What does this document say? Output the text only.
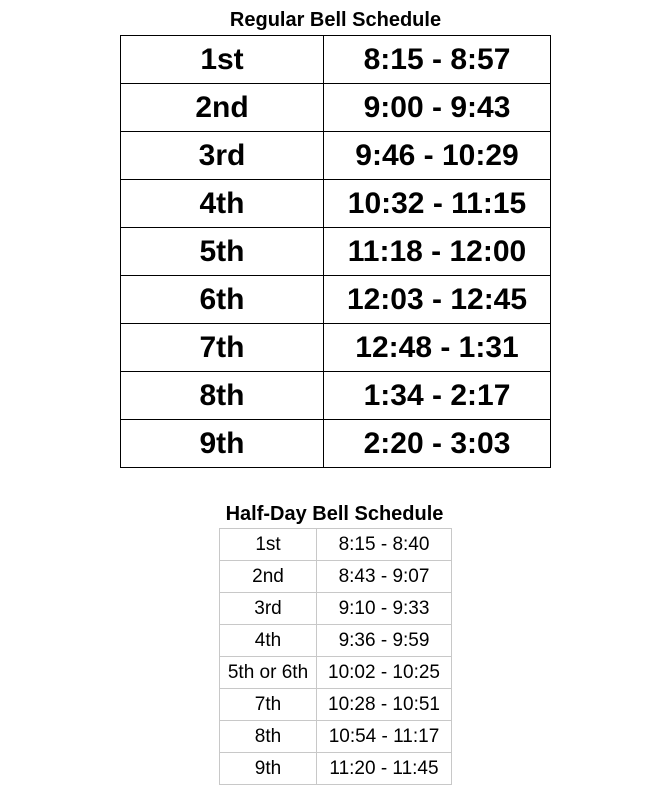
Regular Bell Schedule
1st	8:15 - 8:57
2nd	9:00 - 9:43
3rd	9:46 - 10:29
4th	10:32 - 11:15
5th	11:18 - 12:00
6th	12:03 - 12:45
7th	12:48 - 1:31
8th	1:34 - 2:17
9th	2:20 - 3:03
Half-Day Bell Schedule
1st	8:15 - 8:40
2nd	8:43 - 9:07
3rd	9:10 - 9:33
4th	9:36 - 9:59
5th or 6th	10:02 - 10:25
7th	10:28 - 10:51
8th	10:54 - 11:17
9th	11:20 - 11:45
